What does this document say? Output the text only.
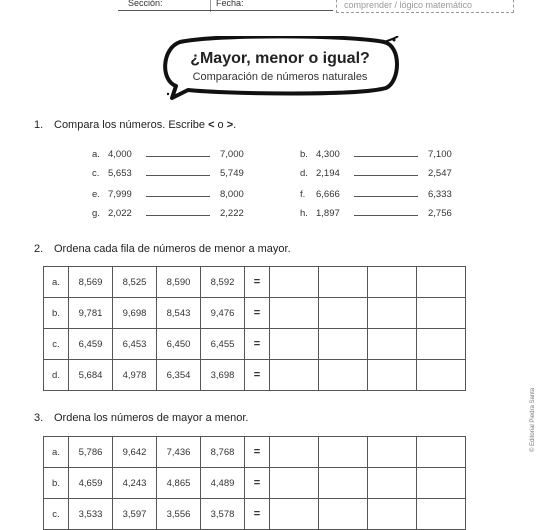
Sección:	Fecha:	comprender / lógico matemático
¿Mayor, menor o igual?
Comparación de números naturales
1. Compara los números. Escribe < o >.
a. 4,000	7,000	b. 4,300	7,100
c. 5,653	5,749	d. 2,194	2,547
e. 7,999	8,000	f. 6,666	6,333
g. 2,022	2,222	h. 1,897	2,756
2. Ordena cada fila de números de menor a mayor.
a.	8,569	8,525	8,590	8,592	=				
b.	9,781	9,698	8,543	9,476	=				
c.	6,459	6,453	6,450	6,455	=				
d.	5,684	4,978	6,354	3,698	=				
3. Ordena los números de mayor a menor.
a.	5,786	9,642	7,436	8,768	=				
b.	4,659	4,243	4,865	4,489	=				
c.	3,533	3,597	3,556	3,578	=				
© Editorial Piedra Santa
